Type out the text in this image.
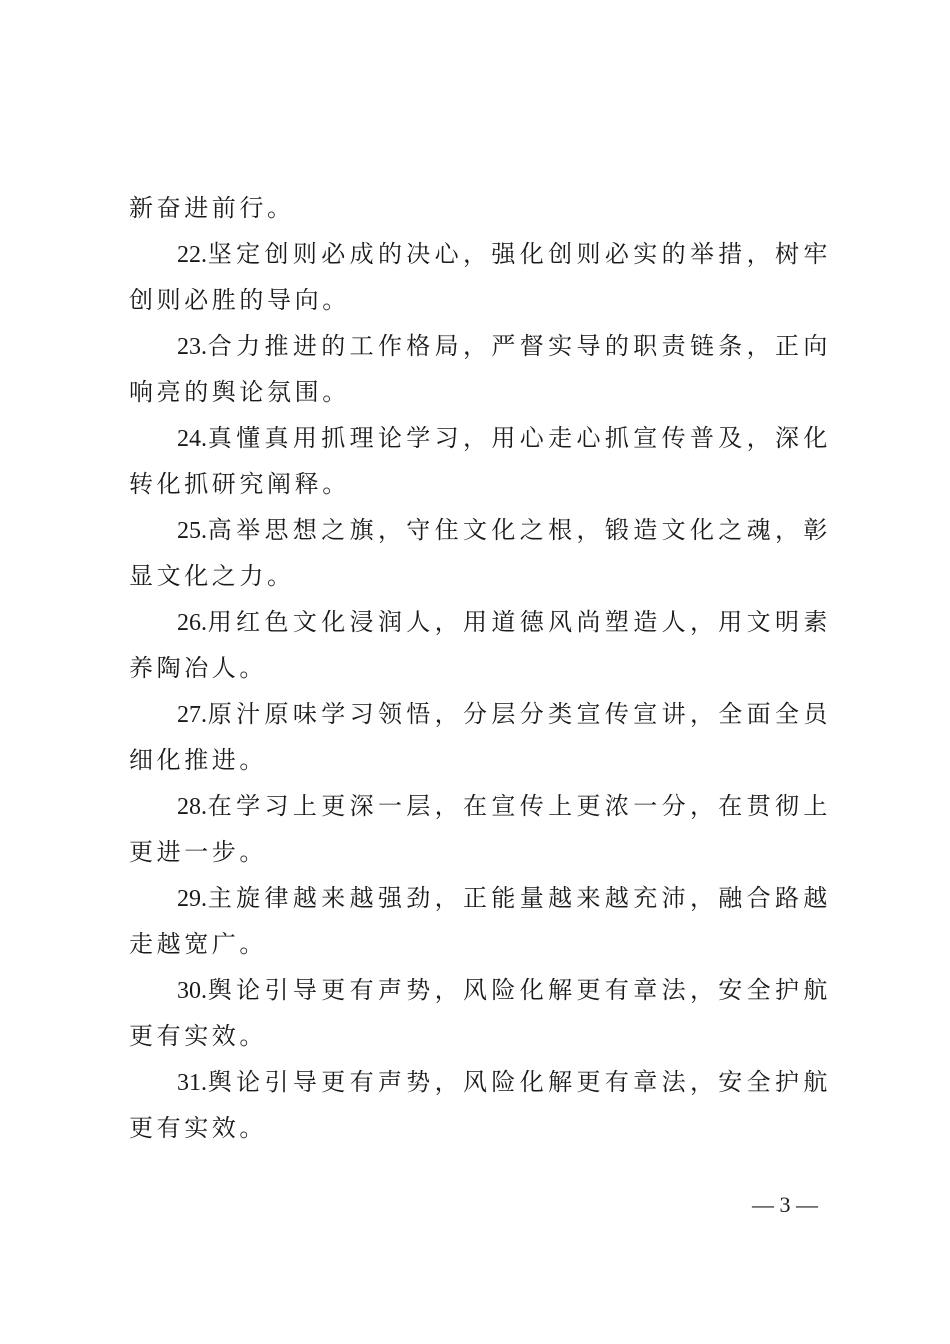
新奋进前行。

22.坚定创则必成的决心，强化创则必实的举措，树牢创则必胜的导向。

23.合力推进的工作格局，严督实导的职责链条，正向响亮的舆论氛围。

24.真懂真用抓理论学习，用心走心抓宣传普及，深化转化抓研究阐释。

25.高举思想之旗，守住文化之根，锻造文化之魂，彰显文化之力。

26.用红色文化浸润人，用道德风尚塑造人，用文明素养陶冶人。

27.原汁原味学习领悟，分层分类宣传宣讲，全面全员细化推进。

28.在学习上更深一层，在宣传上更浓一分，在贯彻上更进一步。

29.主旋律越来越强劲，正能量越来越充沛，融合路越走越宽广。

30.舆论引导更有声势，风险化解更有章法，安全护航更有实效。

31.舆论引导更有声势，风险化解更有章法，安全护航更有实效。

— 3 —
